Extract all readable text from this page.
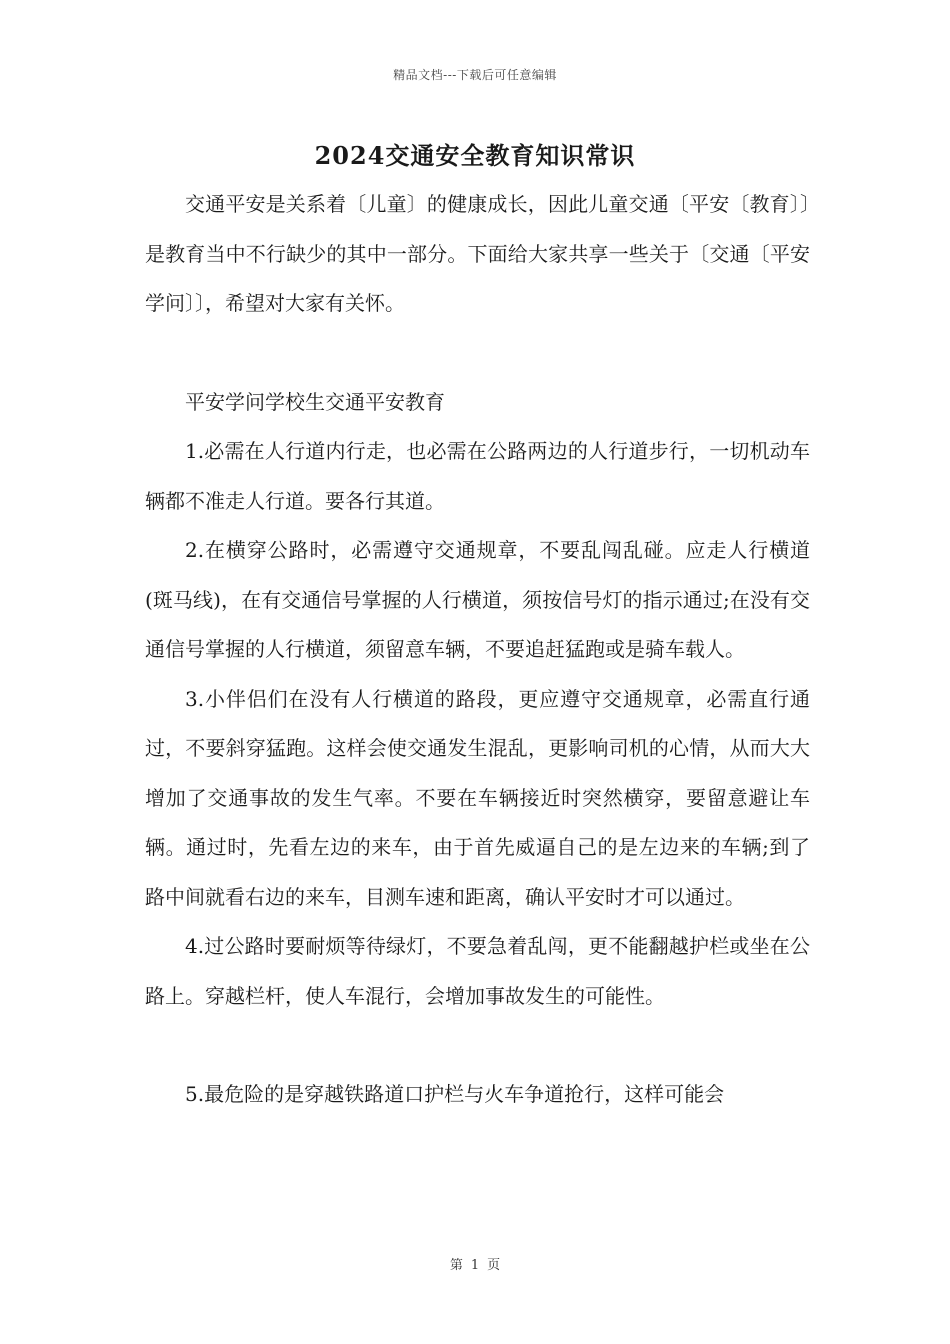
精品文档---下载后可任意编辑
2024交通安全教育知识常识

交通平安是关系着〔儿童〕的健康成长，因此儿童交通〔平安〔教育〕〕是教育当中不行缺少的其中一部分。下面给大家共享一些关于〔交通〔平安学问〕〕，希望对大家有关怀。

平安学问学校生交通平安教育

1.必需在人行道内行走，也必需在公路两边的人行道步行，一切机动车辆都不准走人行道。要各行其道。

2.在横穿公路时，必需遵守交通规章，不要乱闯乱碰。应走人行横道(斑马线)，在有交通信号掌握的人行横道，须按信号灯的指示通过;在没有交通信号掌握的人行横道，须留意车辆，不要追赶猛跑或是骑车载人。

3.小伴侣们在没有人行横道的路段，更应遵守交通规章，必需直行通过，不要斜穿猛跑。这样会使交通发生混乱，更影响司机的心情，从而大大增加了交通事故的发生气率。不要在车辆接近时突然横穿，要留意避让车辆。通过时，先看左边的来车，由于首先威逼自己的是左边来的车辆;到了路中间就看右边的来车，目测车速和距离，确认平安时才可以通过。

4.过公路时要耐烦等待绿灯，不要急着乱闯，更不能翻越护栏或坐在公路上。穿越栏杆，使人车混行，会增加事故发生的可能性。

5.最危险的是穿越铁路道口护栏与火车争道抢行，这样可能会

第 1 页
